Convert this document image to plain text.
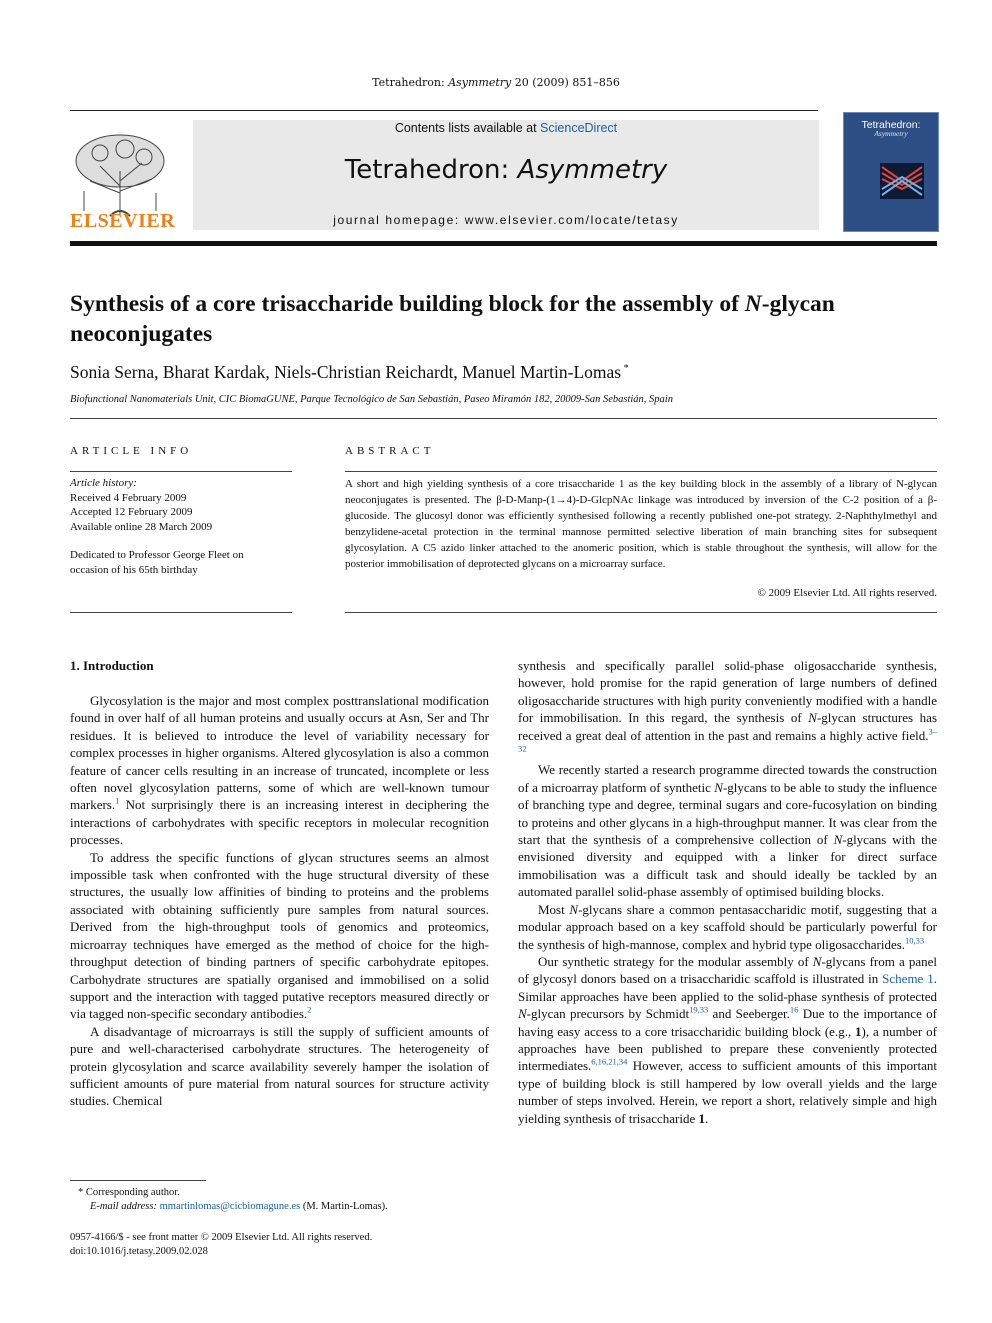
Tetrahedron: Asymmetry 20 (2009) 851–856
ELSEVIER
Contents lists available at ScienceDirect
Tetrahedron: Asymmetry
journal homepage: www.elsevier.com/locate/tetasy
Tetrahedron:
Asymmetry
Synthesis of a core trisaccharide building block for the assembly of N-glycan neoconjugates
Sonia Serna, Bharat Kardak, Niels-Christian Reichardt, Manuel Martin-Lomas *
Biofunctional Nanomaterials Unit, CIC BiomaGUNE, Parque Tecnológico de San Sebastián, Paseo Miramón 182, 20009-San Sebastián, Spain
ARTICLE INFO
Article history:
Received 4 February 2009
Accepted 12 February 2009
Available online 28 March 2009
Dedicated to Professor George Fleet on
occasion of his 65th birthday
ABSTRACT
A short and high yielding synthesis of a core trisaccharide 1 as the key building block in the assembly of a library of N-glycan neoconjugates is presented. The β-D-Manp-(1→4)-D-GlcpNAc linkage was introduced by inversion of the C-2 position of a β-glucoside. The glucosyl donor was efficiently synthesised following a recently published one-pot strategy. 2-Naphthylmethyl and benzylidene-acetal protection in the terminal mannose permitted selective liberation of main branching sites for subsequent glycosylation. A C5 azido linker attached to the anomeric position, which is stable throughout the synthesis, will allow for the posterior immobilisation of deprotected glycans on a microarray surface.
© 2009 Elsevier Ltd. All rights reserved.
1. Introduction

Glycosylation is the major and most complex posttranslational modification found in over half of all human proteins and usually occurs at Asn, Ser and Thr residues. It is believed to introduce the level of variability necessary for complex processes in higher organisms. Altered glycosylation is also a common feature of cancer cells resulting in an increase of truncated, incomplete or less often novel glycosylation patterns, some of which are well-known tumour markers.$^1$ Not surprisingly there is an increasing interest in deciphering the interactions of carbohydrates with specific receptors in molecular recognition processes.

To address the specific functions of glycan structures seems an almost impossible task when confronted with the huge structural diversity of these structures, the usually low affinities of binding to proteins and the problems associated with obtaining sufficiently pure samples from natural sources. Derived from the high-throughput tools of genomics and proteomics, microarray techniques have emerged as the method of choice for the high-throughput detection of binding partners of specific carbohydrate epitopes. Carbohydrate structures are spatially organised and immobilised on a solid support and the interaction with tagged putative receptors measured directly or via tagged non-specific secondary antibodies.$^2$

A disadvantage of microarrays is still the supply of sufficient amounts of pure and well-characterised carbohydrate structures. The heterogeneity of protein glycosylation and scarce availability severely hamper the isolation of sufficient amounts of pure material from natural sources for structure activity studies. Chemical

synthesis and specifically parallel solid-phase oligosaccharide synthesis, however, hold promise for the rapid generation of large numbers of defined oligosaccharide structures with high purity conveniently modified with a handle for immobilisation. In this regard, the synthesis of N-glycan structures has received a great deal of attention in the past and remains a highly active field.$^{3-32}$

We recently started a research programme directed towards the construction of a microarray platform of synthetic N-glycans to be able to study the influence of branching type and degree, terminal sugars and core-fucosylation on binding to proteins and other glycans in a high-throughput manner. It was clear from the start that the synthesis of a comprehensive collection of N-glycans with the envisioned diversity and equipped with a linker for direct surface immobilisation was a difficult task and should ideally be tackled by an automated parallel solid-phase assembly of optimised building blocks.

Most N-glycans share a common pentasaccharidic motif, suggesting that a modular approach based on a key scaffold should be particularly powerful for the synthesis of high-mannose, complex and hybrid type oligosaccharides.$^{10,33}$

Our synthetic strategy for the modular assembly of N-glycans from a panel of glycosyl donors based on a trisaccharidic scaffold is illustrated in Scheme 1. Similar approaches have been applied to the solid-phase synthesis of protected N-glycan precursors by Schmidt$^{19,33}$ and Seeberger.$^{16}$ Due to the importance of having easy access to a core trisaccharidic building block (e.g., 1), a number of approaches have been published to prepare these conveniently protected intermediates.$^{6,16,21,34}$ However, access to sufficient amounts of this important type of building block is still hampered by low overall yields and the large number of steps involved. Herein, we report a short, relatively simple and high yielding synthesis of trisaccharide 1.

* Corresponding author.
E-mail address: mmartinlomas@cicbiomagune.es (M. Martin-Lomas).
0957-4166/$ - see front matter © 2009 Elsevier Ltd. All rights reserved.
doi:10.1016/j.tetasy.2009.02.028
